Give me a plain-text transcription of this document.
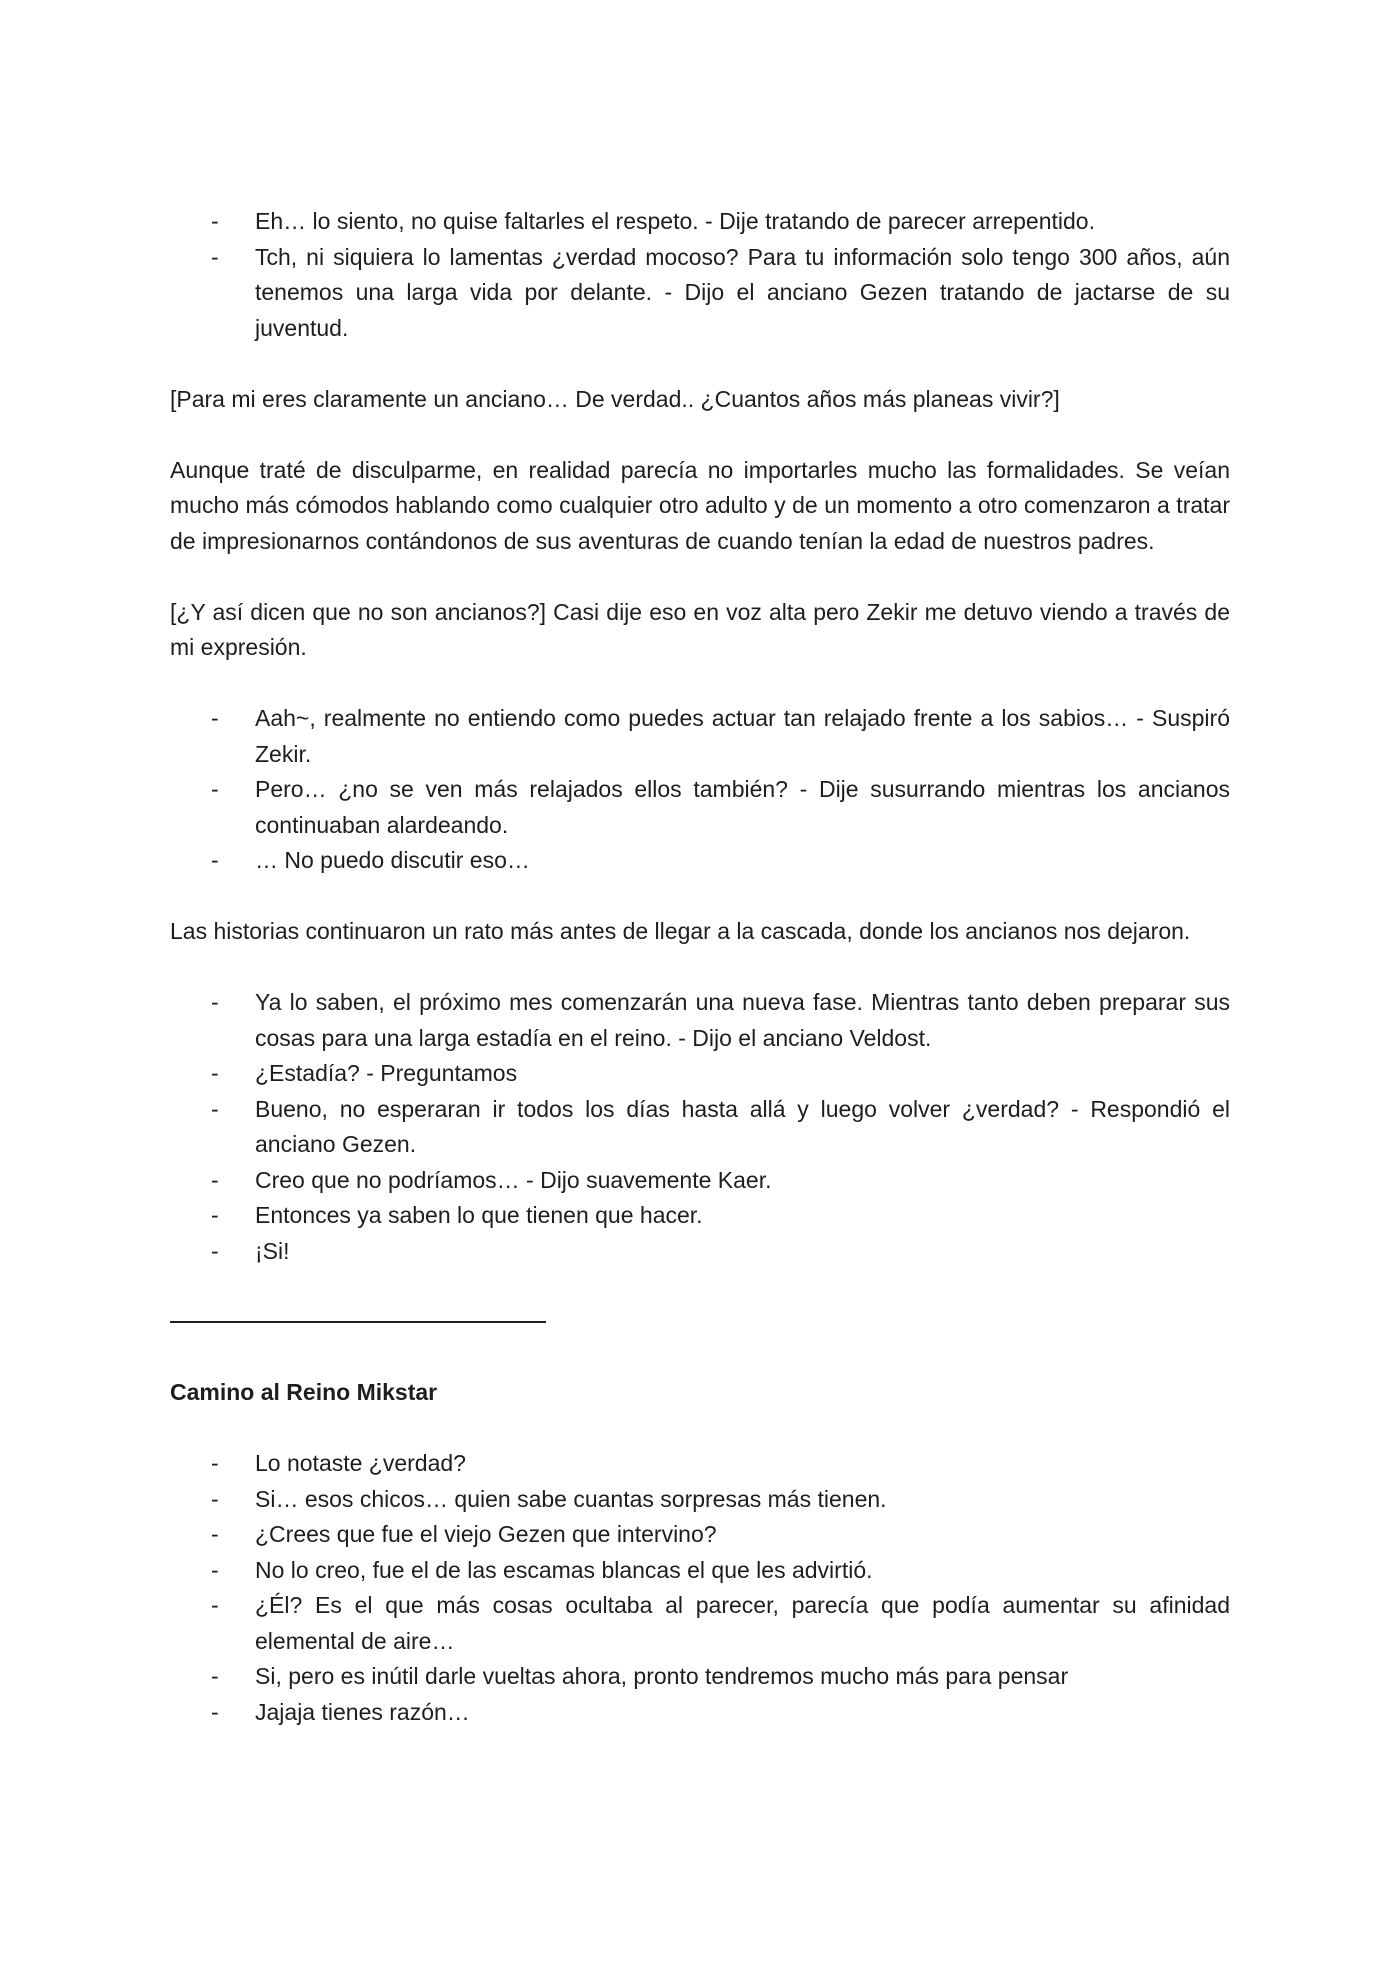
- Eh… lo siento, no quise faltarles el respeto. - Dije tratando de parecer arrepentido.
- Tch, ni siquiera lo lamentas ¿verdad mocoso? Para tu información solo tengo 300 años, aún tenemos una larga vida por delante. - Dijo el anciano Gezen tratando de jactarse de su juventud.

[Para mi eres claramente un anciano… De verdad.. ¿Cuantos años más planeas vivir?]

Aunque traté de disculparme, en realidad parecía no importarles mucho las formalidades. Se veían mucho más cómodos hablando como cualquier otro adulto y de un momento a otro comenzaron a tratar de impresionarnos contándonos de sus aventuras de cuando tenían la edad de nuestros padres.

[¿Y así dicen que no son ancianos?] Casi dije eso en voz alta pero Zekir me detuvo viendo a través de mi expresión.

- Aah~, realmente no entiendo como puedes actuar tan relajado frente a los sabios… - Suspiró Zekir.
- Pero… ¿no se ven más relajados ellos también? - Dije susurrando mientras los ancianos continuaban alardeando.
- … No puedo discutir eso…

Las historias continuaron un rato más antes de llegar a la cascada, donde los ancianos nos dejaron.

- Ya lo saben, el próximo mes comenzarán una nueva fase. Mientras tanto deben preparar sus cosas para una larga estadía en el reino. - Dijo el anciano Veldost.
- ¿Estadía? - Preguntamos
- Bueno, no esperaran ir todos los días hasta allá y luego volver ¿verdad? - Respondió el anciano Gezen.
- Creo que no podríamos… - Dijo suavemente Kaer.
- Entonces ya saben lo que tienen que hacer.
- ¡Si!

Camino al Reino Mikstar

- Lo notaste ¿verdad?
- Si… esos chicos… quien sabe cuantas sorpresas más tienen.
- ¿Crees que fue el viejo Gezen que intervino?
- No lo creo, fue el de las escamas blancas el que les advirtió.
- ¿Él? Es el que más cosas ocultaba al parecer, parecía que podía aumentar su afinidad elemental de aire…
- Si, pero es inútil darle vueltas ahora, pronto tendremos mucho más para pensar
- Jajaja tienes razón…
